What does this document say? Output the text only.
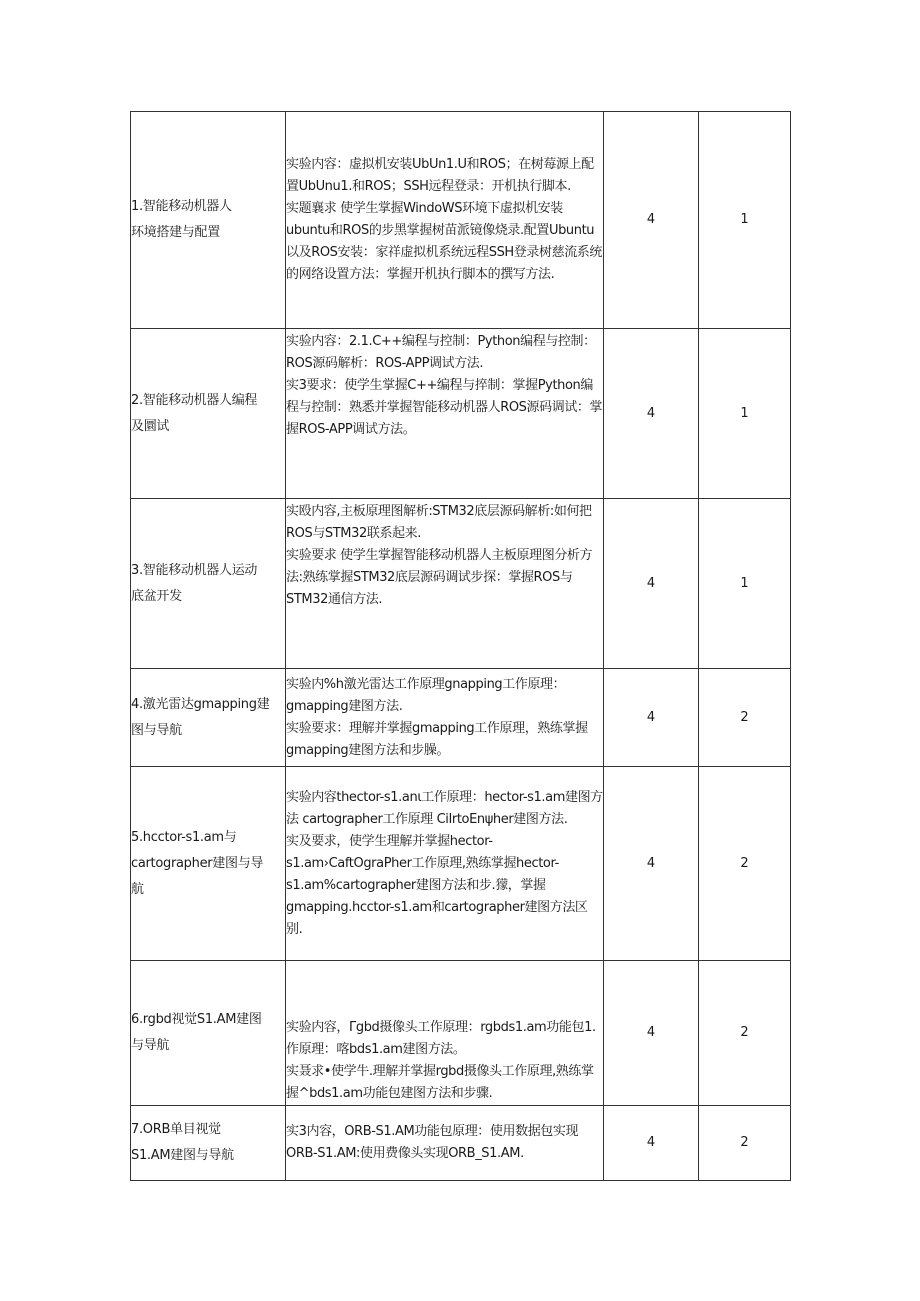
1.智能移动机器人
环境搭建与配置	实验内容：虚拟机安装UbUn1.U和ROS；在树莓源上配置UbUnu1.和ROS；SSH远程登录：开机执行脚本.
实题襄求 使学生掌握WindoWS环境下虚拟机安装ubuntu和ROS的步黑掌握树苗派镜像烧录.配置Ubuntu以及ROS安装：家祥虚拟机系统远程SSH登录树慈流系统的网络设置方法：掌握开机执行脚本的撰写方法.	4	1

2.智能移动机器人编程
及圜试	实验内容：2.1.C++编程与控制：Python编程与控制：ROS源码解析：ROS-APP调试方法.
实3要求：使学生掌握C++编程与捽制：掌握Python编程与控制：熟悉并掌握智能移动机器人ROS源码调试：掌握ROS-APP调试方法。	4	1

3.智能移动机器人运动
底盆开发	实殴内容,主板原理图解析:STM32底层源码解析:如何把ROS与STM32联系起来.
实验要求 使学生掌握智能移动机器人主板原理图分析方法:熟练掌握STM32底层源码调试步探：掌握ROS与STM32通信方法.	4	1

4.激光雷达gmapping建
图与导航	实验内%h激光雷达工作原理gnapping工作原理：gmapping建图方法.
实验要求：理解并掌握gmapping工作原理，熟练掌握gmapping建图方法和步臊。	4	2

5.hcctor-s1.am与
cartographer建图与导
航	实验内容thector-s1.anι工作原理：hector-s1.am建图方法 cartographer工作原理 CiIrtoEnψher建图方法.
实及要求，使学生理解并掌握hector-s1.am›CaftOgraPher工作原理,熟练掌握hector-s1.am%cartographer建图方法和步.獴，掌握gmapping.hcctor-s1.am和cartographer建图方法区别.	4	2

6.rgbd视觉S1.AM建图
与导航	实验内容，Γgbd摄像头工作原理：rgbds1.am功能包1.作原理：喀bds1.am建图方法。
实聂求•使学牛.理解并掌握rgbd摄像头工作原理,熟练掌握^bds1.am功能包建图方法和步骤.	4	2

7.ORB单目视觉
S1.AM建图与导航	实3内容，ORB-S1.AM功能包原理：使用数据包实现ORB-S1.AM:使用费像头实现ORB_S1.AM.	4	2
